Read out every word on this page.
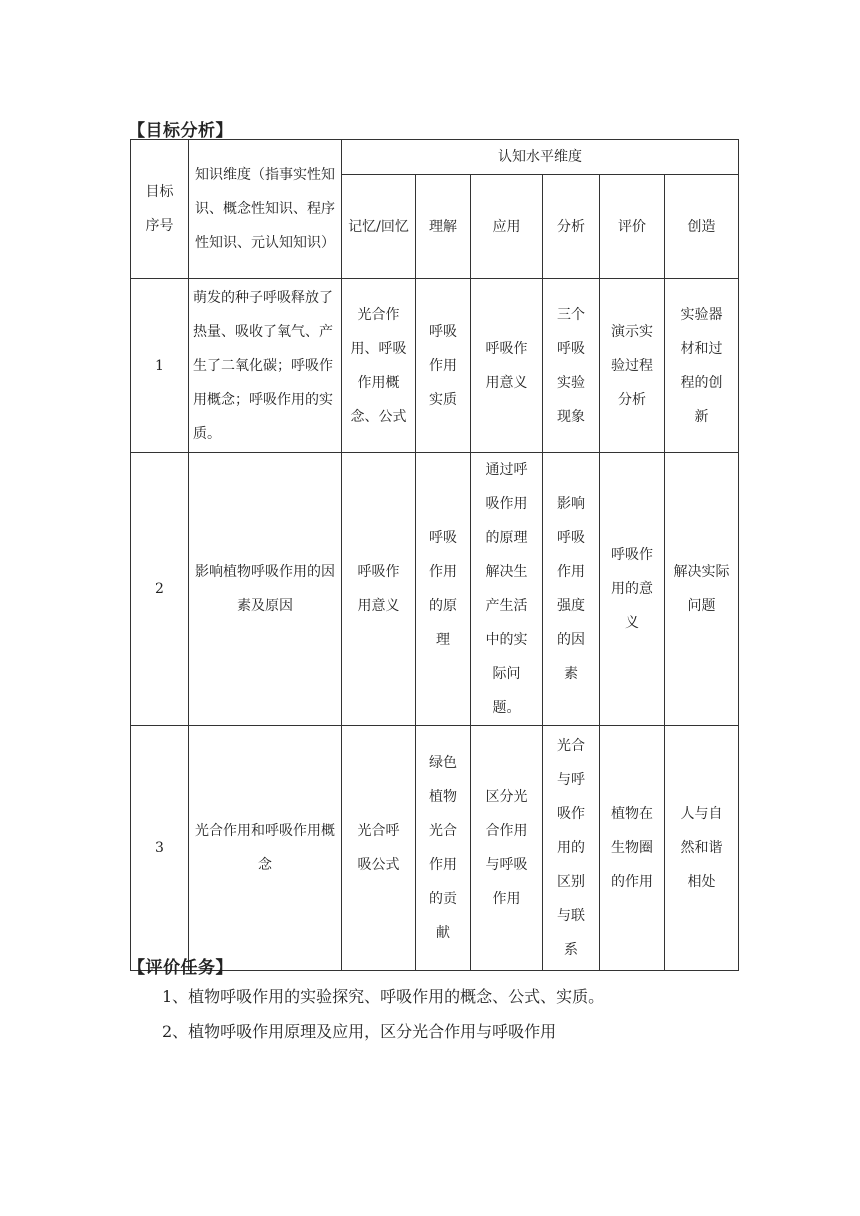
【目标分析】
目标序号	知识维度（指事实性知识、概念性知识、程序性知识、元认知知识）	认知水平维度					
		记忆/回忆	理解	应用	分析	评价	创造
1	萌发的种子呼吸释放了热量、吸收了氧气、产生了二氧化碳；呼吸作用概念；呼吸作用的实质。	光合作用、呼吸作用概念、公式	呼吸作用实质	呼吸作用意义	三个呼吸实验现象	演示实验过程分析	实验器材和过程的创新
2	影响植物呼吸作用的因素及原因	呼吸作用意义	呼吸作用的原理	通过呼吸作用的原理解决生产生活中的实际问题。	影响呼吸作用强度的因素	呼吸作用的意义	解决实际 问题
3	光合作用和呼吸作用概念	光合呼吸公式	绿色植物光合作用的贡献	区分光合作用与呼吸作用	光合与呼吸作用的区别与联系	植物在生物圈的作用	人与自然和谐相处
【评价任务】
1、植物呼吸作用的实验探究、呼吸作用的概念、公式、实质。
2、植物呼吸作用原理及应用，区分光合作用与呼吸作用
